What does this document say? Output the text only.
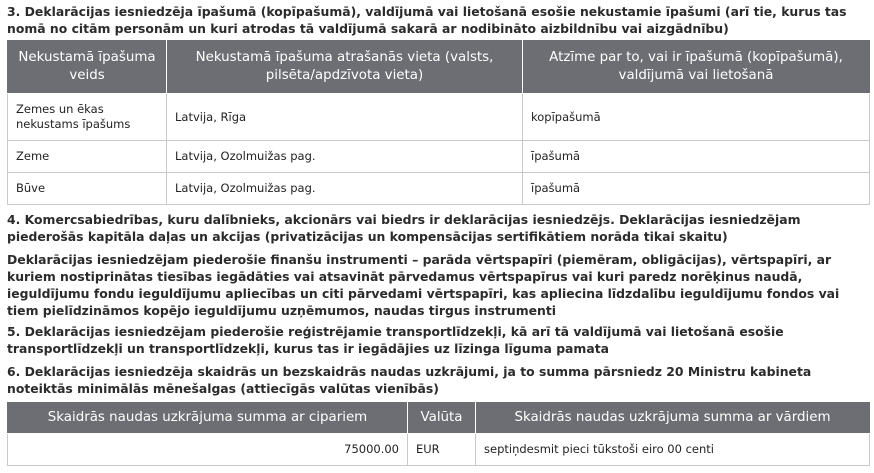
3. Deklarācijas iesniedzēja īpašumā (kopīpašumā), valdījumā vai lietošanā esošie nekustamie īpašumi (arī tie, kurus tas nomā no citām personām un kuri atrodas tā valdījumā sakarā ar nodibināto aizbildnību vai aizgādnību)

Nekustamā īpašuma veids	Nekustamā īpašuma atrašanās vieta (valsts, pilsēta/apdzīvota vieta)	Atzīme par to, vai ir īpašumā (kopīpašumā), valdījumā vai lietošanā
Zemes un ēkas nekustams īpašums	Latvija, Rīga	kopīpašumā
Zeme	Latvija, Ozolmuižas pag.	īpašumā
Būve	Latvija, Ozolmuižas pag.	īpašumā

4. Komercsabiedrības, kuru dalībnieks, akcionārs vai biedrs ir deklarācijas iesniedzējs. Deklarācijas iesniedzējam piederošās kapitāla daļas un akcijas (privatizācijas un kompensācijas sertifikātiem norāda tikai skaitu)

Deklarācijas iesniedzējam piederošie finanšu instrumenti – parāda vērtspapīri (piemēram, obligācijas), vērtspapīri, ar kuriem nostiprinātas tiesības iegādāties vai atsavināt pārvedamus vērtspapīrus vai kuri paredz norēķinus naudā, ieguldījumu fondu ieguldījumu apliecības un citi pārvedami vērtspapīri, kas apliecina līdzdalību ieguldījumu fondos vai tiem pielīdzināmos kopējo ieguldījumu uzņēmumos, naudas tirgus instrumenti

5. Deklarācijas iesniedzējam piederošie reģistrējamie transportlīdzekļi, kā arī tā valdījumā vai lietošanā esošie transportlīdzekļi un transportlīdzekļi, kurus tas ir iegādājies uz līzinga līguma pamata

6. Deklarācijas iesniedzēja skaidrās un bezskaidrās naudas uzkrājumi, ja to summa pārsniedz 20 Ministru kabineta noteiktās minimālās mēnešalgas (attiecīgās valūtas vienībās)

Skaidrās naudas uzkrājuma summa ar cipariem	Valūta	Skaidrās naudas uzkrājuma summa ar vārdiem
75000.00	EUR	septiņdesmit pieci tūkstoši eiro 00 centi
